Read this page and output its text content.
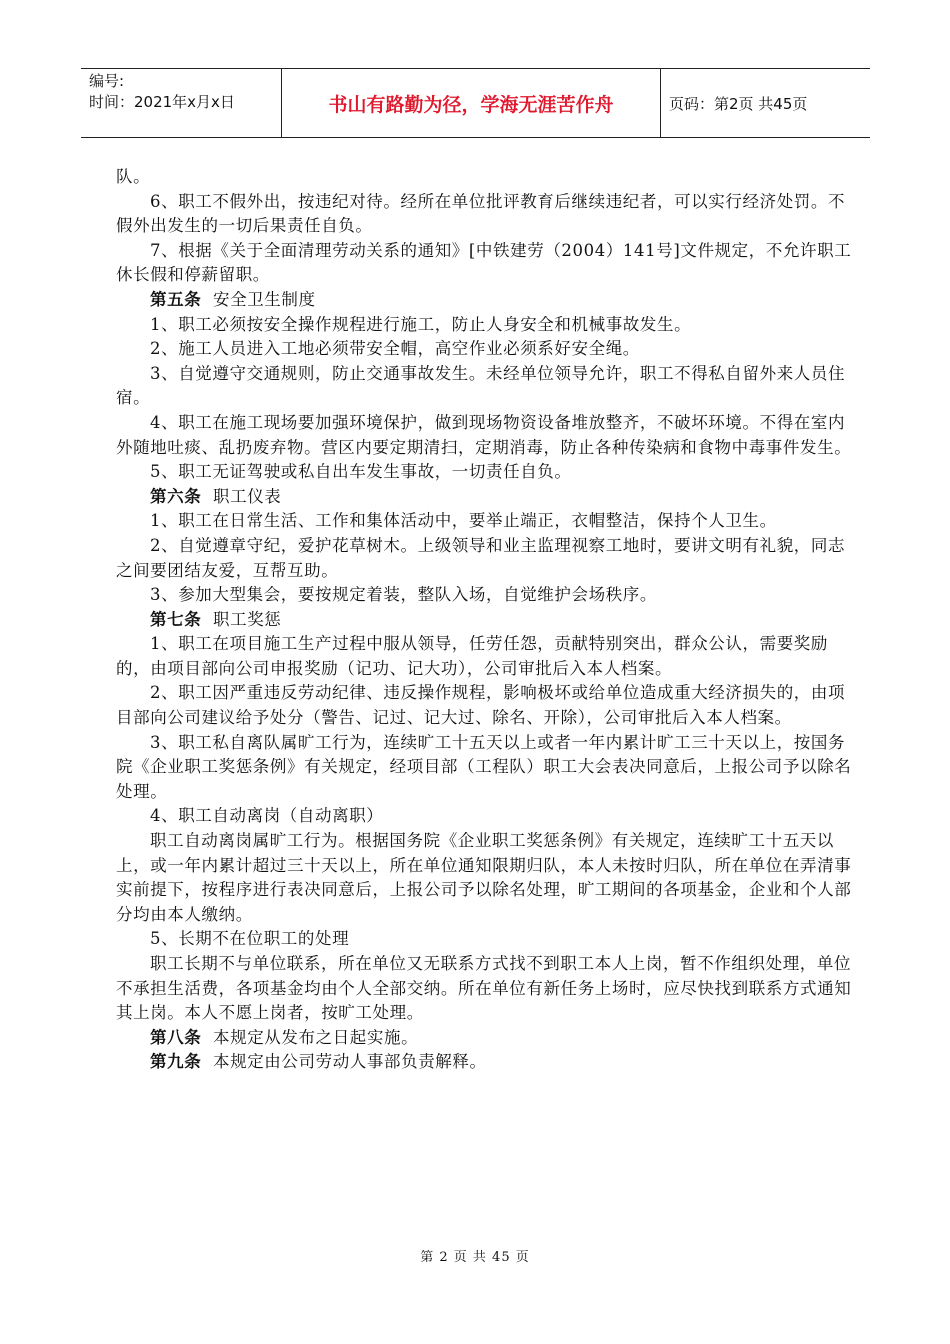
编号:
时间：2021年x月x日	书山有路勤为径，学海无涯苦作舟	页码：第2页 共45页

队。

6、职工不假外出，按违纪对待。经所在单位批评教育后继续违纪者，可以实行经济处罚。不假外出发生的一切后果责任自负。

7、根据《关于全面清理劳动关系的通知》[中铁建劳（2004）141号]文件规定，不允许职工休长假和停薪留职。

第五条  安全卫生制度

1、职工必须按安全操作规程进行施工，防止人身安全和机械事故发生。

2、施工人员进入工地必须带安全帽，高空作业必须系好安全绳。

3、自觉遵守交通规则，防止交通事故发生。未经单位领导允许，职工不得私自留外来人员住宿。

4、职工在施工现场要加强环境保护，做到现场物资设备堆放整齐，不破坏环境。不得在室内外随地吐痰、乱扔废弃物。营区内要定期清扫，定期消毒，防止各种传染病和食物中毒事件发生。

5、职工无证驾驶或私自出车发生事故，一切责任自负。

第六条  职工仪表

1、职工在日常生活、工作和集体活动中，要举止端正，衣帽整洁，保持个人卫生。

2、自觉遵章守纪，爱护花草树木。上级领导和业主监理视察工地时，要讲文明有礼貌，同志之间要团结友爱，互帮互助。

3、参加大型集会，要按规定着装，整队入场，自觉维护会场秩序。

第七条  职工奖惩

1、职工在项目施工生产过程中服从领导，任劳任怨，贡献特别突出，群众公认，需要奖励的，由项目部向公司申报奖励（记功、记大功），公司审批后入本人档案。

2、职工因严重违反劳动纪律、违反操作规程，影响极坏或给单位造成重大经济损失的，由项目部向公司建议给予处分（警告、记过、记大过、除名、开除），公司审批后入本人档案。

3、职工私自离队属旷工行为，连续旷工十五天以上或者一年内累计旷工三十天以上，按国务院《企业职工奖惩条例》有关规定，经项目部（工程队）职工大会表决同意后，上报公司予以除名处理。

4、职工自动离岗（自动离职）

职工自动离岗属旷工行为。根据国务院《企业职工奖惩条例》有关规定，连续旷工十五天以上，或一年内累计超过三十天以上，所在单位通知限期归队，本人未按时归队，所在单位在弄清事实前提下，按程序进行表决同意后，上报公司予以除名处理，旷工期间的各项基金，企业和个人部分均由本人缴纳。

5、长期不在位职工的处理

职工长期不与单位联系，所在单位又无联系方式找不到职工本人上岗，暂不作组织处理，单位不承担生活费，各项基金均由个人全部交纳。所在单位有新任务上场时，应尽快找到联系方式通知其上岗。本人不愿上岗者，按旷工处理。

第八条  本规定从发布之日起实施。

第九条  本规定由公司劳动人事部负责解释。

第 2 页 共 45 页
